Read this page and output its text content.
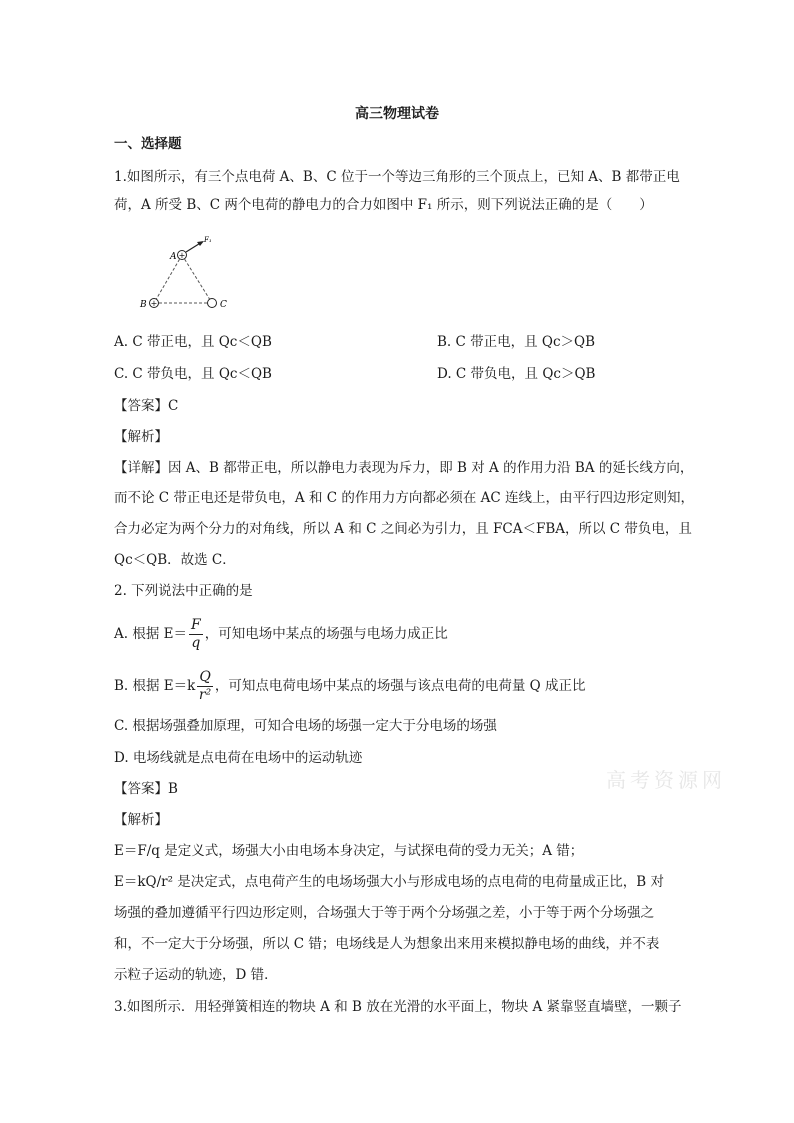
高三物理试卷
一、选择题
1.如图所示，有三个点电荷 A、B、C 位于一个等边三角形的三个顶点上，已知 A、B 都带正电
荷，A 所受 B、C 两个电荷的静电力的合力如图中 F₁ 所示，则下列说法正确的是（　　）
+
+
A
B	C
F₁
A. C 带正电，且 Qc＜QB	B. C 带正电，且 Qc＞QB
C. C 带负电，且 Qc＜QB	D. C 带负电，且 Qc＞QB
【答案】C
【解析】
【详解】因 A、B 都带正电，所以静电力表现为斥力，即 B 对 A 的作用力沿 BA 的延长线方向，
而不论 C 带正电还是带负电，A 和 C 的作用力方向都必须在 AC 连线上，由平行四边形定则知，
合力必定为两个分力的对角线，所以 A 和 C 之间必为引力，且 FCA＜FBA，所以 C 带负电，且
Qc＜QB．故选 C．
2. 下列说法中正确的是
A. 根据 $E= \frac{F}{q}$ ，可知电场中某点的场强与电场力成正比
B. 根据 $E=k \frac{Q}{\text{r²}}$ ，可知点电荷电场中某点的场强与该点电荷的电荷量 Q 成正比
C. 根据场强叠加原理，可知合电场的场强一定大于分电场的场强
D. 电场线就是点电荷在电场中的运动轨迹
【答案】B
【解析】
E＝F/q 是定义式，场强大小由电场本身决定，与试探电荷的受力无关；A 错；
E＝kQ/r² 是决定式，点电荷产生的电场场强大小与形成电场的点电荷的电荷量成正比，B 对
场强的叠加遵循平行四边形定则，合场强大于等于两个分场强之差，小于等于两个分场强之
和，不一定大于分场强，所以 C 错；电场线是人为想象出来用来模拟静电场的曲线，并不表
示粒子运动的轨迹，D 错．
3.如图所示．用轻弹簧相连的物块 A 和 B 放在光滑的水平面上，物块 A 紧靠竖直墙壁，一颗子
高考资源网
